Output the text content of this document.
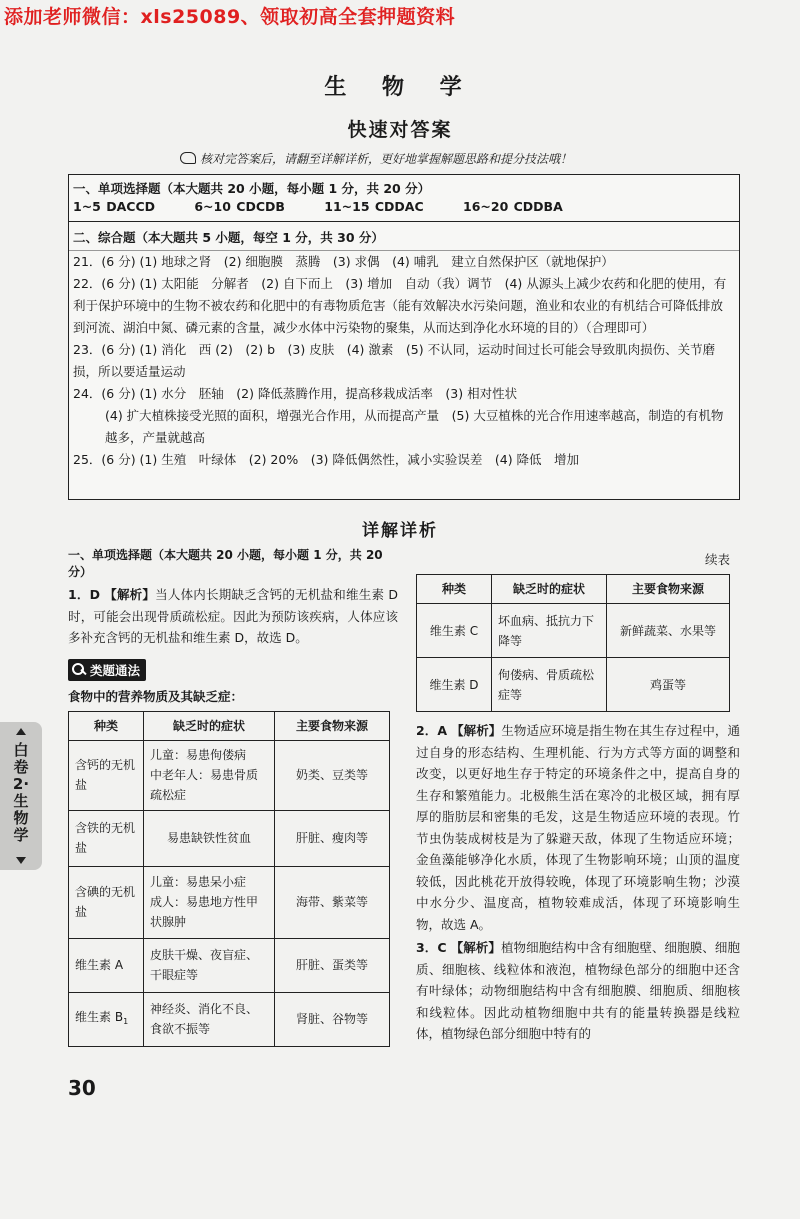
添加老师微信：xls25089、领取初高全套押题资料
生 物 学
快速对答案
核对完答案后，请翻至详解详析，更好地掌握解题思路和提分技法哦！
一、单项选择题（本大题共 20 小题，每小题 1 分，共 20 分）
1~5 DACCD	6~10 CDCDB	11~15 CDDAC	16~20 CDDBA
二、综合题（本大题共 5 小题，每空 1 分，共 30 分）

21．(6 分) (1) 地球之肾　(2) 细胞膜　蒸腾　(3) 求偶　(4) 哺乳　建立自然保护区（就地保护）

22．(6 分) (1) 太阳能　分解者　(2) 自下而上　(3) 增加　自动（我）调节　(4) 从源头上减少农药和化肥的使用，有利于保护环境中的生物不被农药和化肥中的有毒物质危害（能有效解决水污染问题，渔业和农业的有机结合可降低排放到河流、湖泊中氮、磷元素的含量，减少水体中污染物的聚集，从而达到净化水环境的目的）（合理即可）

23．(6 分) (1) 消化　西 (2)　(2) b　(3) 皮肤　(4) 激素　(5) 不认同，运动时间过长可能会导致肌肉损伤、关节磨损，所以要适量运动

24．(6 分) (1) 水分　胚轴　(2) 降低蒸腾作用，提高移栽成活率　(3) 相对性状

(4) 扩大植株接受光照的面积，增强光合作用，从而提高产量　(5) 大豆植株的光合作用速率越高，制造的有机物越多，产量就越高

25．(6 分) (1) 生殖　叶绿体　(2) 20%　(3) 降低偶然性，减小实验误差　(4) 降低　增加

详解详析
一、单项选择题（本大题共 20 小题，每小题 1 分，共 20 分）
1．D 【解析】当人体内长期缺乏含钙的无机盐和维生素 D 时，可能会出现骨质疏松症。因此为预防该疾病，人体应该多补充含钙的无机盐和维生素 D，故选 D。
类题通法
食物中的营养物质及其缺乏症：
种类	缺乏时的症状	主要食物来源
含钙的无机盐	儿童：易患佝偻病　中老年人：易患骨质疏松症	奶类、豆类等
含铁的无机盐	易患缺铁性贫血	肝脏、瘦肉等
含碘的无机盐	儿童：易患呆小症　成人：易患地方性甲状腺肿	海带、紫菜等
维生素 A	皮肤干燥、夜盲症、干眼症等	肝脏、蛋类等
维生素 $B_1$	神经炎、消化不良、食欲不振等	肾脏、谷物等
续表
种类	缺乏时的症状	主要食物来源
维生素 C	坏血病、抵抗力下降等	新鲜蔬菜、水果等
维生素 D	佝偻病、骨质疏松症等	鸡蛋等
2．A 【解析】生物适应环境是指生物在其生存过程中，通过自身的形态结构、生理机能、行为方式等方面的调整和改变，以更好地生存于特定的环境条件之中，提高自身的生存和繁殖能力。北极熊生活在寒冷的北极区域，拥有厚厚的脂肪层和密集的毛发，这是生物适应环境的表现。竹节虫伪装成树枝是为了躲避天敌，体现了生物适应环境；金鱼藻能够净化水质，体现了生物影响环境；山顶的温度较低，因此桃花开放得较晚，体现了环境影响生物；沙漠中水分少、温度高，植物较难成活，体现了环境影响生物，故选 A。
3．C 【解析】植物细胞结构中含有细胞壁、细胞膜、细胞质、细胞核、线粒体和液泡，植物绿色部分的细胞中还含有叶绿体；动物细胞结构中含有细胞膜、细胞质、细胞核和线粒体。因此动植物细胞中共有的能量转换器是线粒体，植物绿色部分细胞中特有的
白卷2·生物学
30
